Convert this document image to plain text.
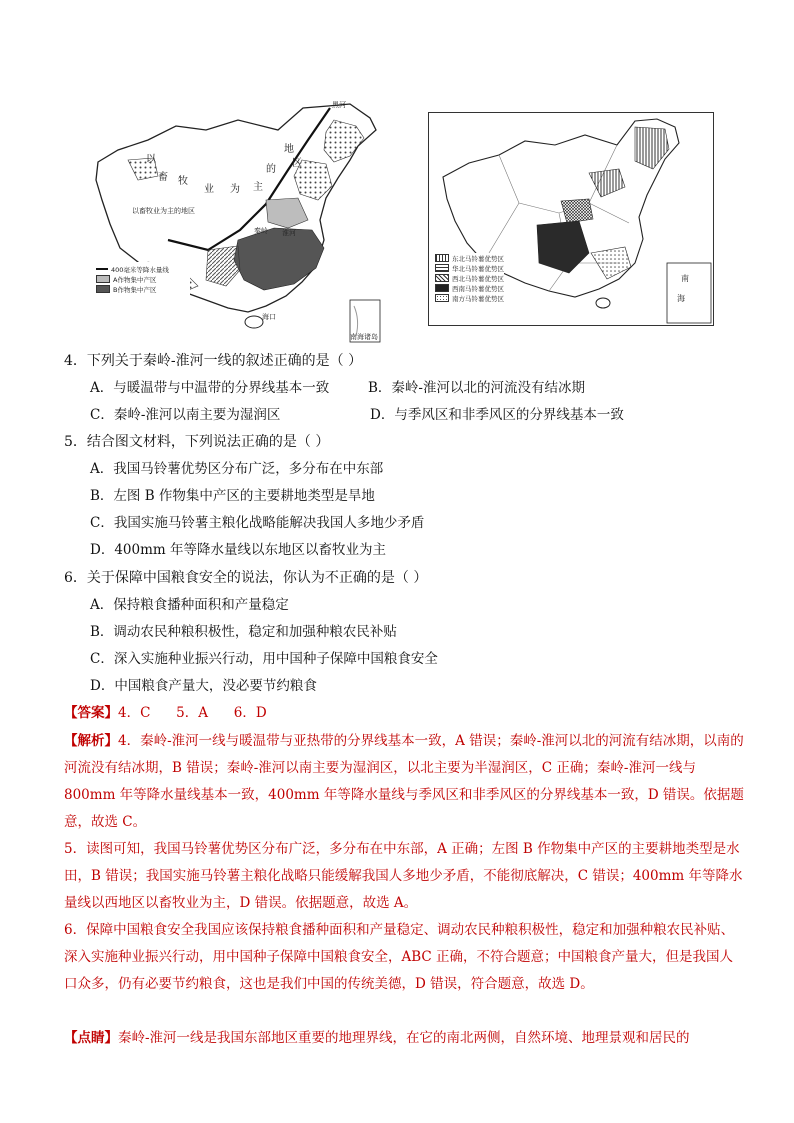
黑河
以
畜 牧
业 为 主
的
地
区
以畜牧业为主的地区
秦岭 淮河
海口
南海诸岛
400毫米等降水量线
A作物集中产区
B作物集中产区
南
海
东北马铃薯优势区
华北马铃薯优势区
西北马铃薯优势区
西南马铃薯优势区
南方马铃薯优势区
4．下列关于秦岭-淮河一线的叙述正确的是（ ）
A．与暖温带与中温带的分界线基本一致	B．秦岭-淮河以北的河流没有结冰期
C．秦岭-淮河以南主要为湿润区	D．与季风区和非季风区的分界线基本一致
5．结合图文材料，下列说法正确的是（ ）
A．我国马铃薯优势区分布广泛，多分布在中东部
B．左图 B 作物集中产区的主要耕地类型是旱地
C．我国实施马铃薯主粮化战略能解决我国人多地少矛盾
D．400mm 年等降水量线以东地区以畜牧业为主
6．关于保障中国粮食安全的说法，你认为不正确的是（ ）
A．保持粮食播种面积和产量稳定
B．调动农民种粮积极性，稳定和加强种粮农民补贴
C．深入实施种业振兴行动，用中国种子保障中国粮食安全
D．中国粮食产量大，没必要节约粮食
【答案】4．C      5．A      6．D
【解析】4．秦岭-淮河一线与暖温带与亚热带的分界线基本一致，A 错误；秦岭-淮河以北的河流有结冰期，以南的河流没有结冰期，B 错误；秦岭-淮河以南主要为湿润区，以北主要为半湿润区，C 正确；秦岭-淮河一线与 800mm 年等降水量线基本一致，400mm 年等降水量线与季风区和非季风区的分界线基本一致，D 错误。依据题意，故选 C。
5．读图可知，我国马铃薯优势区分布广泛，多分布在中东部，A 正确；左图 B 作物集中产区的主要耕地类型是水田，B 错误；我国实施马铃薯主粮化战略只能缓解我国人多地少矛盾，不能彻底解决，C 错误；400mm 年等降水量线以西地区以畜牧业为主，D 错误。依据题意，故选 A。
6．保障中国粮食安全我国应该保持粮食播种面积和产量稳定、调动农民种粮积极性，稳定和加强种粮农民补贴、深入实施种业振兴行动，用中国种子保障中国粮食安全，ABC 正确，不符合题意；中国粮食产量大，但是我国人口众多，仍有必要节约粮食，这也是我们中国的传统美德，D 错误，符合题意，故选 D。
【点睛】秦岭-淮河一线是我国东部地区重要的地理界线，在它的南北两侧，自然环境、地理景观和居民的
